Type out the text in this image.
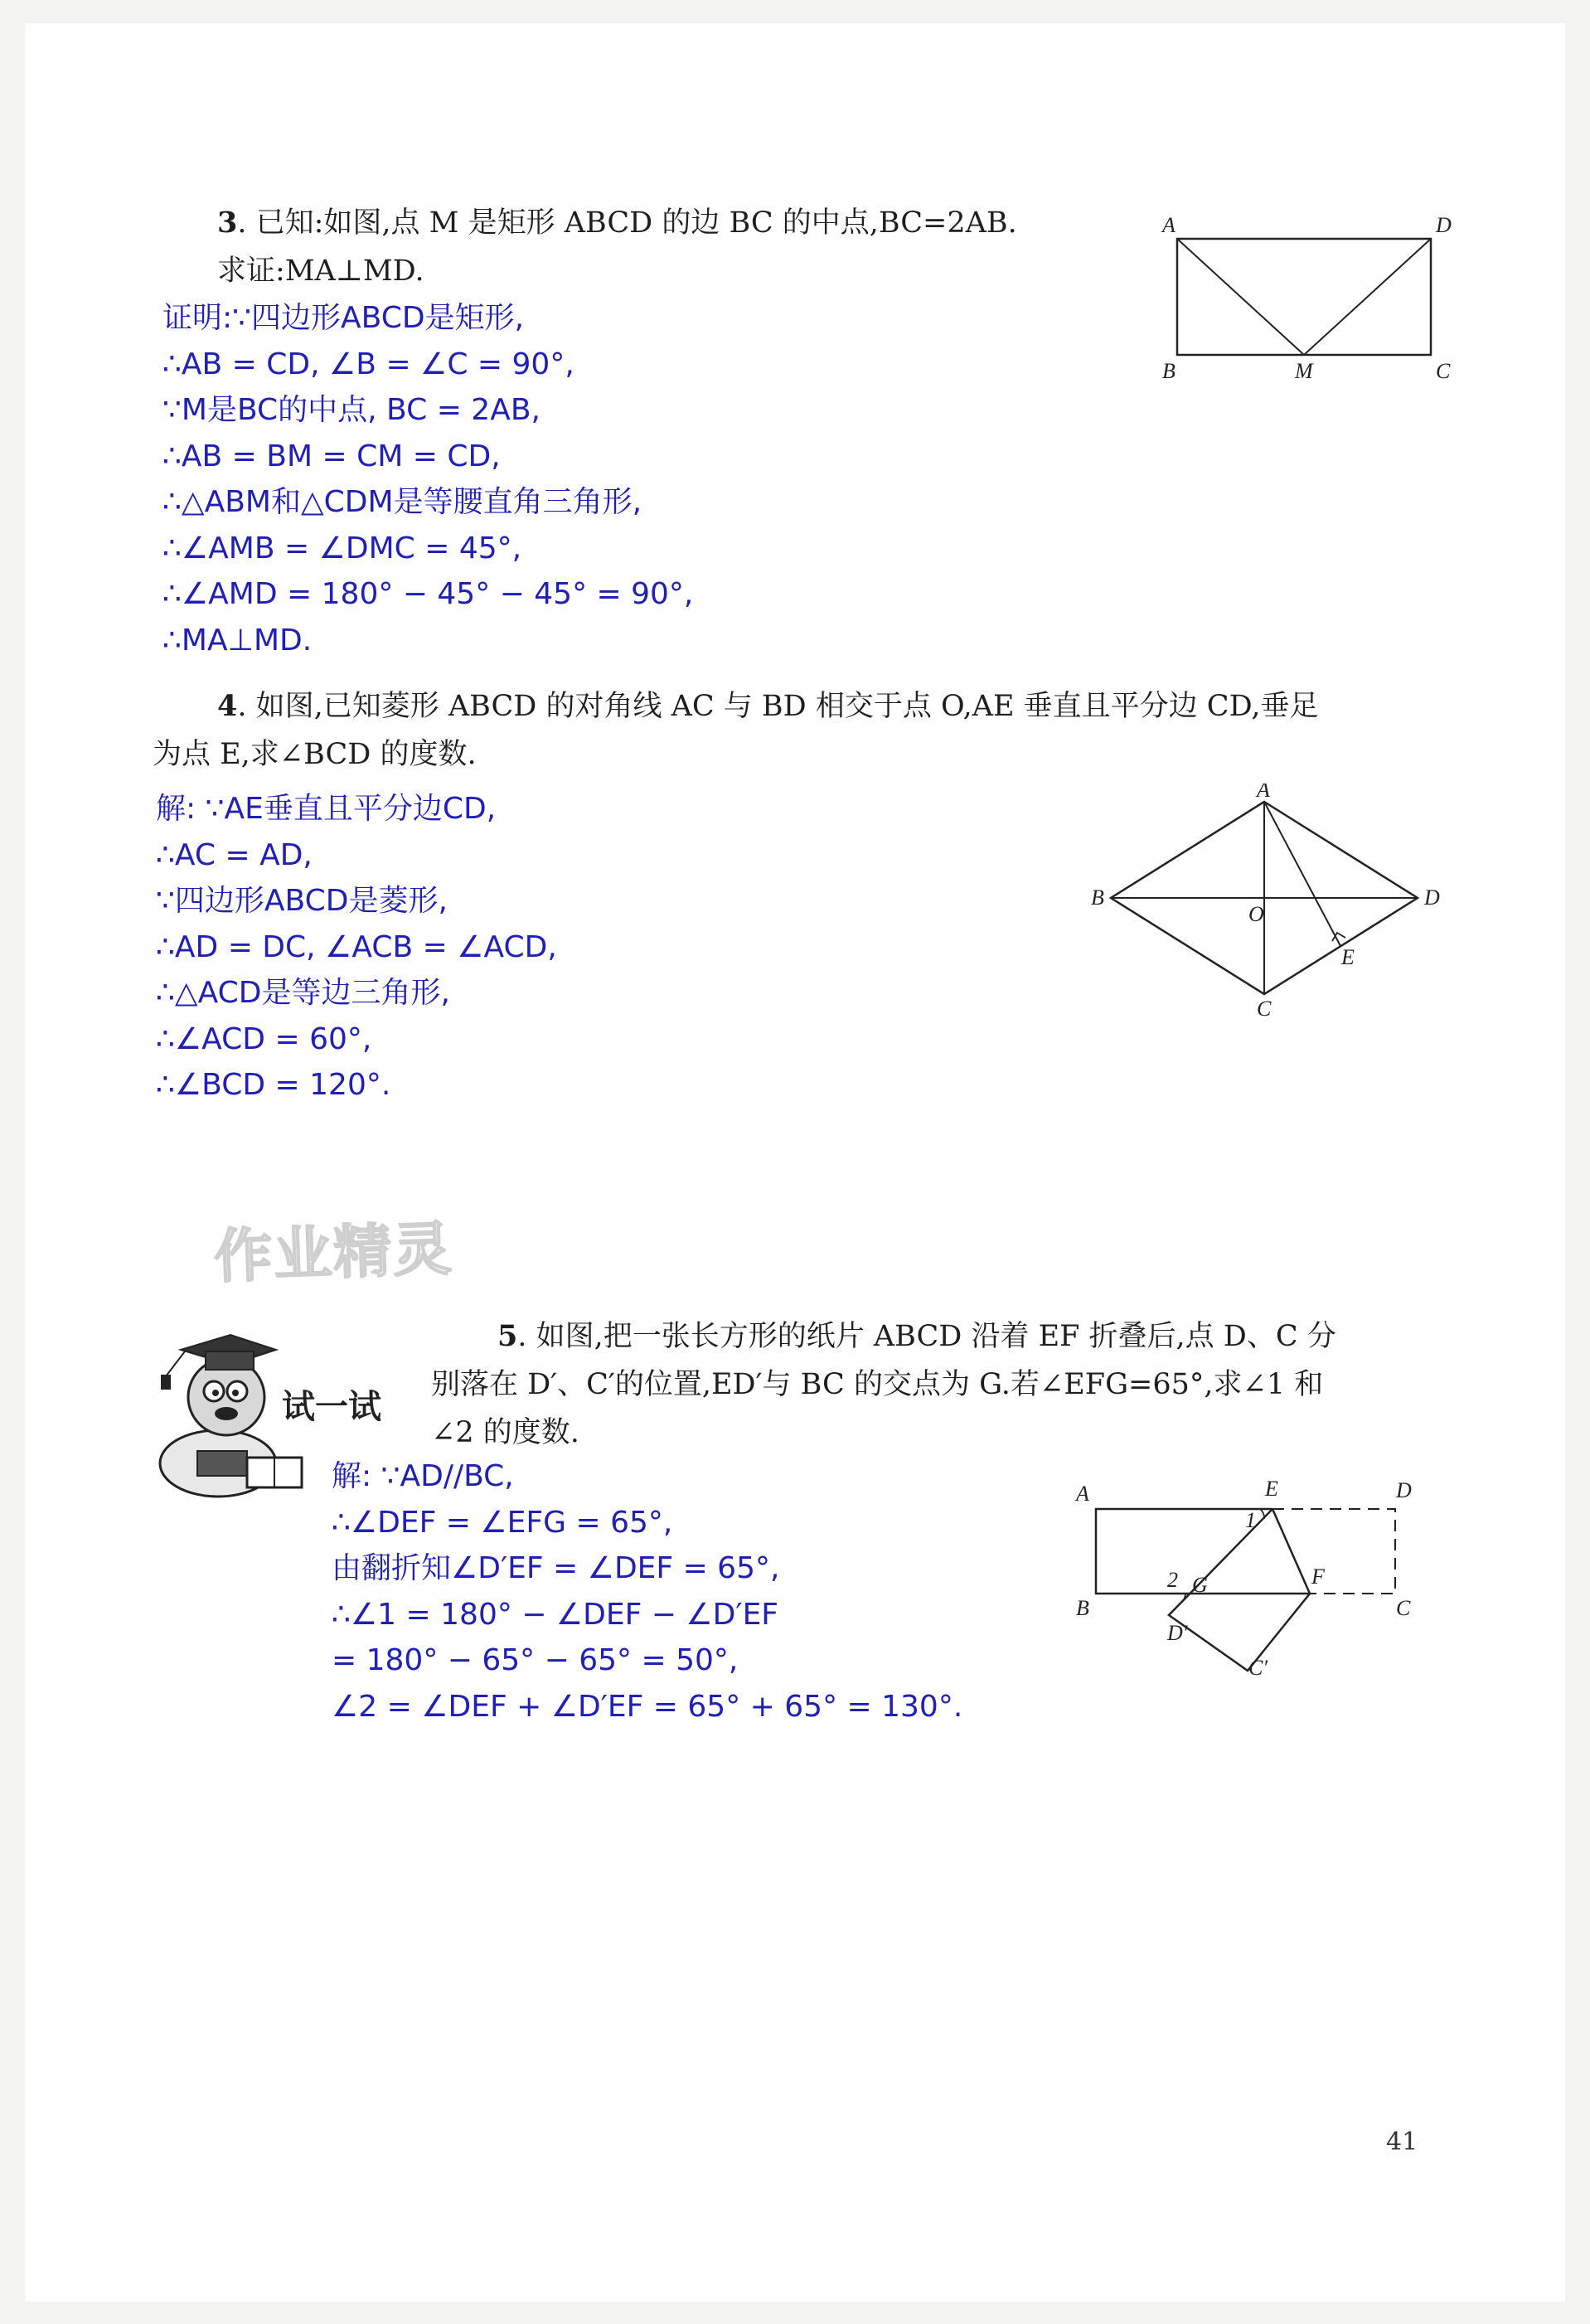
3. 已知:如图,点 M 是矩形 ABCD 的边 BC 的中点,BC=2AB.
求证:MA⊥MD.
证明:∵四边形ABCD是矩形,
∴AB = CD, ∠B = ∠C = 90°,
∵M是BC的中点, BC = 2AB,
∴AB = BM = CM = CD,
∴△ABM和△CDM是等腰直角三角形,
∴∠AMB = ∠DMC = 45°,
∴∠AMD = 180° − 45° − 45° = 90°,
∴MA⊥MD.
A	D
B	M	C
4. 如图,已知菱形 ABCD 的对角线 AC 与 BD 相交于点 O,AE 垂直且平分边 CD,垂足
为点 E,求∠BCD 的度数.
解: ∵AE垂直且平分边CD,
∴AC = AD,
∵四边形ABCD是菱形,
∴AD = DC, ∠ACB = ∠ACD,
∴△ACD是等边三角形,
∴∠ACD = 60°,
∴∠BCD = 120°.
A
B
O
D
E
C
作业精灵
试一试
5. 如图,把一张长方形的纸片 ABCD 沿着 EF 折叠后,点 D、C 分
别落在 D′、C′的位置,ED′与 BC 的交点为 G.若∠EFG=65°,求∠1 和
∠2 的度数.
解: ∵AD//BC,
∴∠DEF = ∠EFG = 65°,
由翻折知∠D′EF = ∠DEF = 65°,
∴∠1 = 180° − ∠DEF − ∠D′EF
= 180° − 65° − 65° = 50°,
∠2 = ∠DEF + ∠D′EF = 65° + 65° = 130°.
A	E	D
1
2 G	F
B	C
D′
C′
41
